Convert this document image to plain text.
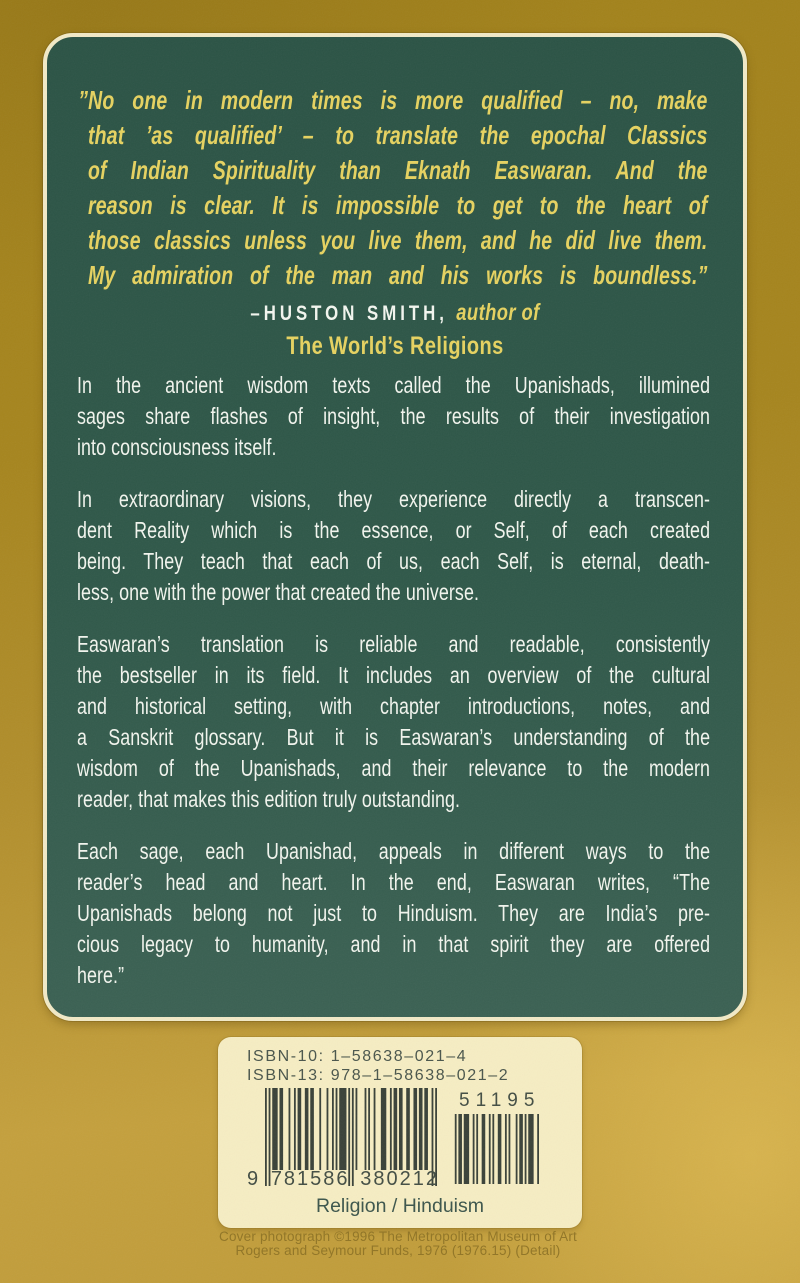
”No one in modern times is more qualified – no, make
that ’as qualified’ – to translate the epochal Classics
of Indian Spirituality than Eknath Easwaran. And the
reason is clear. It is impossible to get to the heart of
those classics unless you live them, and he did live them.
My admiration of the man and his works is boundless.”
–HUSTON SMITH, author of
The World’s Religions
In the ancient wisdom texts called the Upanishads, illumined
sages share flashes of insight, the results of their investigation
into consciousness itself.
In extraordinary visions, they experience directly a transcen-
dent Reality which is the essence, or Self, of each created
being. They teach that each of us, each Self, is eternal, death-
less, one with the power that created the universe.
Easwaran’s translation is reliable and readable, consistently
the bestseller in its field. It includes an overview of the cultural
and historical setting, with chapter introductions, notes, and
a Sanskrit glossary. But it is Easwaran’s understanding of the
wisdom of the Upanishads, and their relevance to the modern
reader, that makes this edition truly outstanding.
Each sage, each Upanishad, appeals in different ways to the
reader’s head and heart. In the end, Easwaran writes, “The
Upanishads belong not just to Hinduism. They are India’s pre-
cious legacy to humanity, and in that spirit they are offered
here.”
ISBN-10: 1–58638–021–4
ISBN-13: 978–1–58638–021–2
9 781586 380212
51195
Religion / Hinduism
Cover photograph ©1996 The Metropolitan Museum of Art
Rogers and Seymour Funds, 1976 (1976.15) (Detail)
